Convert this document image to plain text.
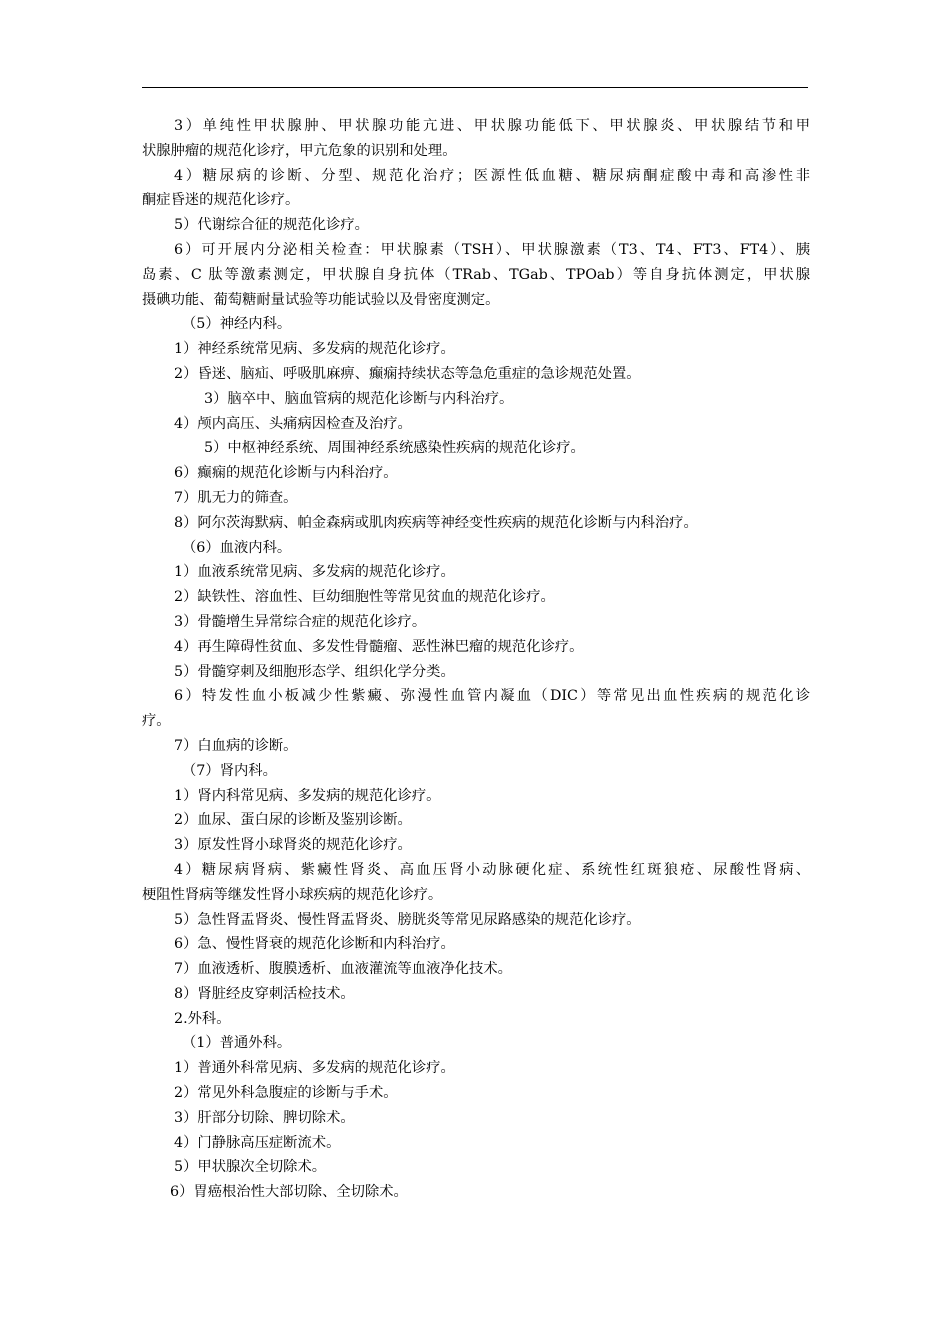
3）单纯性甲状腺肿、甲状腺功能亢进、甲状腺功能低下、甲状腺炎、甲状腺结节和甲
状腺肿瘤的规范化诊疗，甲亢危象的识别和处理。
4）糖尿病的诊断、分型、规范化治疗；医源性低血糖、糖尿病酮症酸中毒和高渗性非
酮症昏迷的规范化诊疗。
5）代谢综合征的规范化诊疗。
6）可开展内分泌相关检查：甲状腺素（TSH）、甲状腺激素（T3、T4、FT3、FT4）、胰
岛素、C 肽等激素测定，甲状腺自身抗体（TRab、TGab、TPOab）等自身抗体测定，甲状腺
摄碘功能、葡萄糖耐量试验等功能试验以及骨密度测定。
（5）神经内科。
1）神经系统常见病、多发病的规范化诊疗。
2）昏迷、脑疝、呼吸肌麻痹、癫痫持续状态等急危重症的急诊规范处置。
3）脑卒中、脑血管病的规范化诊断与内科治疗。
4）颅内高压、头痛病因检查及治疗。
5）中枢神经系统、周围神经系统感染性疾病的规范化诊疗。
6）癫痫的规范化诊断与内科治疗。
7）肌无力的筛查。
8）阿尔茨海默病、帕金森病或肌肉疾病等神经变性疾病的规范化诊断与内科治疗。
（6）血液内科。
1）血液系统常见病、多发病的规范化诊疗。
2）缺铁性、溶血性、巨幼细胞性等常见贫血的规范化诊疗。
3）骨髓增生异常综合症的规范化诊疗。
4）再生障碍性贫血、多发性骨髓瘤、恶性淋巴瘤的规范化诊疗。
5）骨髓穿刺及细胞形态学、组织化学分类。
6）特发性血小板减少性紫癜、弥漫性血管内凝血（DIC）等常见出血性疾病的规范化诊
疗。
7）白血病的诊断。
（7）肾内科。
1）肾内科常见病、多发病的规范化诊疗。
2）血尿、蛋白尿的诊断及鉴别诊断。
3）原发性肾小球肾炎的规范化诊疗。
4）糖尿病肾病、紫癜性肾炎、高血压肾小动脉硬化症、系统性红斑狼疮、尿酸性肾病、
梗阻性肾病等继发性肾小球疾病的规范化诊疗。
5）急性肾盂肾炎、慢性肾盂肾炎、膀胱炎等常见尿路感染的规范化诊疗。
6）急、慢性肾衰的规范化诊断和内科治疗。
7）血液透析、腹膜透析、血液灌流等血液净化技术。
8）肾脏经皮穿刺活检技术。
2.外科。
（1）普通外科。
1）普通外科常见病、多发病的规范化诊疗。
2）常见外科急腹症的诊断与手术。
3）肝部分切除、脾切除术。
4）门静脉高压症断流术。
5）甲状腺次全切除术。
6）胃癌根治性大部切除、全切除术。
